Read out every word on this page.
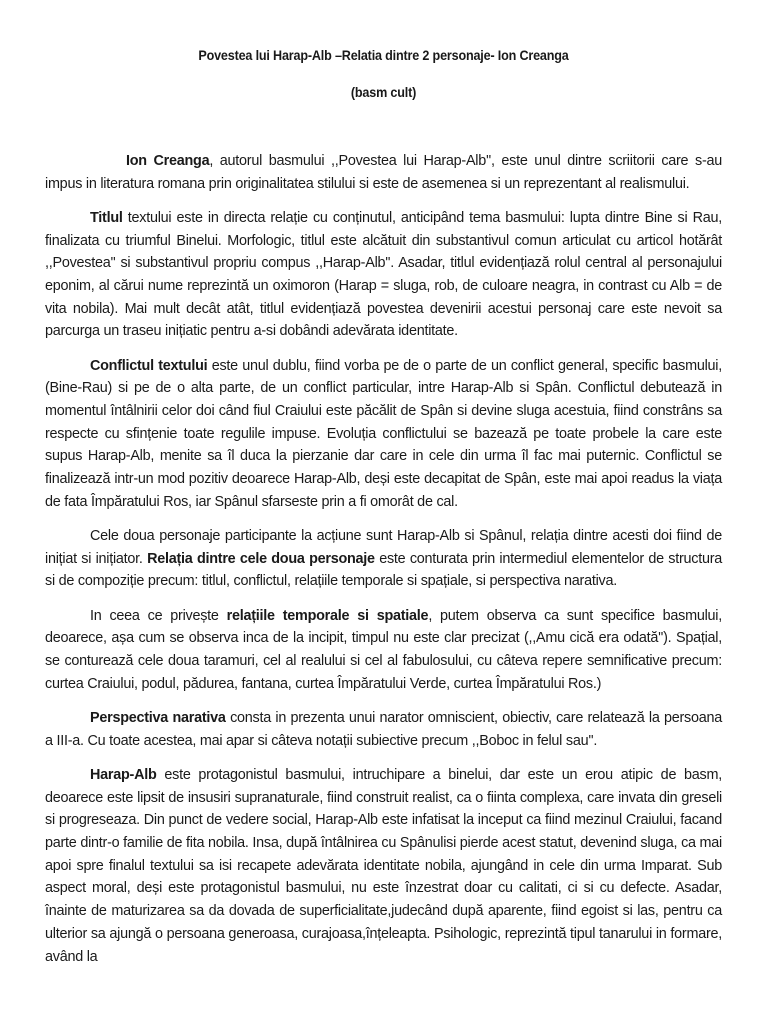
Povestea lui Harap-Alb –Relatia dintre 2 personaje- Ion Creanga
(basm cult)

Ion Creanga, autorul basmului ,,Povestea lui Harap-Alb'', este unul dintre scriitorii care s-au impus in literatura romana prin originalitatea stilului si este de asemenea si un reprezentant al realismului.

Titlul textului este in directa relație cu conținutul, anticipând tema basmului: lupta dintre Bine si Rau, finalizata cu triumful Binelui. Morfologic, titlul este alcătuit din substantivul comun articulat cu articol hotărât ,,Povestea'' si substantivul propriu compus ,,Harap-Alb''. Asadar, titlul evidențiază rolul central al personajului eponim, al cărui nume reprezintă un oximoron (Harap = sluga, rob, de culoare neagra, in contrast cu Alb = de vita nobila). Mai mult decât atât, titlul evidențiază povestea devenirii acestui personaj care este nevoit sa parcurga un traseu inițiatic pentru a-si dobândi adevărata identitate.

Conflictul textului este unul dublu, fiind vorba pe de o parte de un conflict general, specific basmului, (Bine-Rau) si pe de o alta parte, de un conflict particular, intre Harap-Alb si Spân. Conflictul debutează in momentul întâlnirii celor doi când fiul Craiului este păcălit de Spân si devine sluga acestuia, fiind constrâns sa respecte cu sfințenie toate regulile impuse. Evoluția conflictului se bazează pe toate probele la care este supus Harap-Alb, menite sa îl duca la pierzanie dar care in cele din urma îl fac mai puternic. Conflictul se finalizează intr-un mod pozitiv deoarece Harap-Alb, deși este decapitat de Spân, este mai apoi readus la viața de fata Împăratului Ros, iar Spânul sfarseste prin a fi omorât de cal.

Cele doua personaje participante la acțiune sunt Harap-Alb si Spânul, relația dintre acesti doi fiind de inițiat si inițiator. Relația dintre cele doua personaje este conturata prin intermediul elementelor de structura si de compoziție precum: titlul, conflictul, relațiile temporale si spațiale, si perspectiva narativa.

In ceea ce privește relațiile temporale si spatiale, putem observa ca sunt specifice basmului, deoarece, așa cum se observa inca de la incipit, timpul nu este clar precizat (,,Amu cică era odată''). Spațial, se conturează cele doua taramuri, cel al realului si cel al fabulosului, cu câteva repere semnificative precum: curtea Craiului, podul, pădurea, fantana, curtea Împăratului Verde, curtea Împăratului Ros.)

Perspectiva narativa consta in prezenta unui narator omniscient, obiectiv, care relatează la persoana a III-a. Cu toate acestea, mai apar si câteva notații subiective precum ,,Boboc in felul sau''.

Harap-Alb este protagonistul basmului, intruchipare a binelui, dar este un erou atipic de basm, deoarece este lipsit de insusiri supranaturale, fiind construit realist, ca o fiinta complexa, care invata din greseli si progreseaza. Din punct de vedere social, Harap-Alb este infatisat la inceput ca fiind mezinul Craiului, facand parte dintr-o familie de fita nobila. Insa, după întâlnirea cu Spânulisi pierde acest statut, devenind sluga, ca mai apoi spre finalul textului sa isi recapete adevărata identitate nobila, ajungând in cele din urma Imparat. Sub aspect moral, deși este protagonistul basmului, nu este înzestrat doar cu calitati, ci si cu defecte. Asadar, înainte de maturizarea sa da dovada de superficialitate,judecând după aparente, fiind egoist si las, pentru ca ulterior sa ajungă o persoana generoasa, curajoasa,înțeleapta. Psihologic, reprezintă tipul tanarului in formare, având la
